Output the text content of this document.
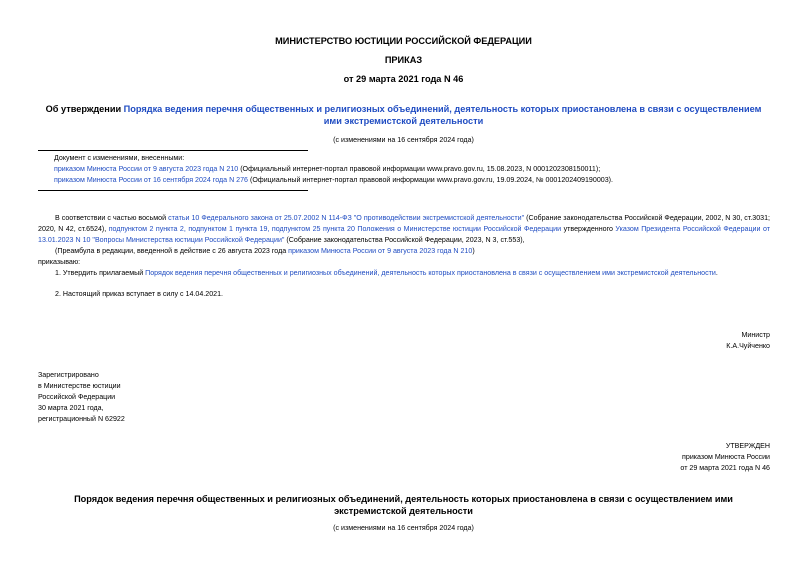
МИНИСТЕРСТВО ЮСТИЦИИ РОССИЙСКОЙ ФЕДЕРАЦИИ
ПРИКАЗ
от 29 марта 2021 года N 46
Об утверждении Порядка ведения перечня общественных и религиозных объединений, деятельность которых приостановлена в связи с осуществлением ими экстремистской деятельности
(с изменениями на 16 сентября 2024 года)
Документ с изменениями, внесенными:
приказом Минюста России от 9 августа 2023 года N 210 (Официальный интернет-портал правовой информации www.pravo.gov.ru, 15.08.2023, N 0001202308150011);
приказом Минюста России от 16 сентября 2024 года N 276 (Официальный интернет-портал правовой информации www.pravo.gov.ru, 19.09.2024, № 0001202409190003).
В соответствии с частью восьмой статьи 10 Федерального закона от 25.07.2002 N 114-ФЗ "О противодействии экстремистской деятельности" (Собрание законодательства Российской Федерации, 2002, N 30, ст.3031; 2020, N 42, ст.6524), подпунктом 2 пункта 2, подпунктом 1 пункта 19, подпунктом 25 пункта 20 Положения о Министерстве юстиции Российской Федерации утвержденного Указом Президента Российской Федерации от 13.01.2023 N 10 "Вопросы Министерства юстиции Российской Федерации" (Собрание законодательства Российской Федерации, 2023, N 3, ст.553),
(Преамбула в редакции, введенной в действие с 26 августа 2023 года приказом Минюста России от 9 августа 2023 года N 210)
приказываю:
1. Утвердить прилагаемый Порядок ведения перечня общественных и религиозных объединений, деятельность которых приостановлена в связи с осуществлением ими экстремистской деятельности.
2. Настоящий приказ вступает в силу с 14.04.2021.
Министр
К.А.Чуйченко
Зарегистрировано
в Министерстве юстиции
Российской Федерации
30 марта 2021 года,
регистрационный N 62922
УТВЕРЖДЕН
приказом Минюста России
от 29 марта 2021 года N 46
Порядок ведения перечня общественных и религиозных объединений, деятельность которых приостановлена в связи с осуществлением ими экстремистской деятельности
(с изменениями на 16 сентября 2024 года)
